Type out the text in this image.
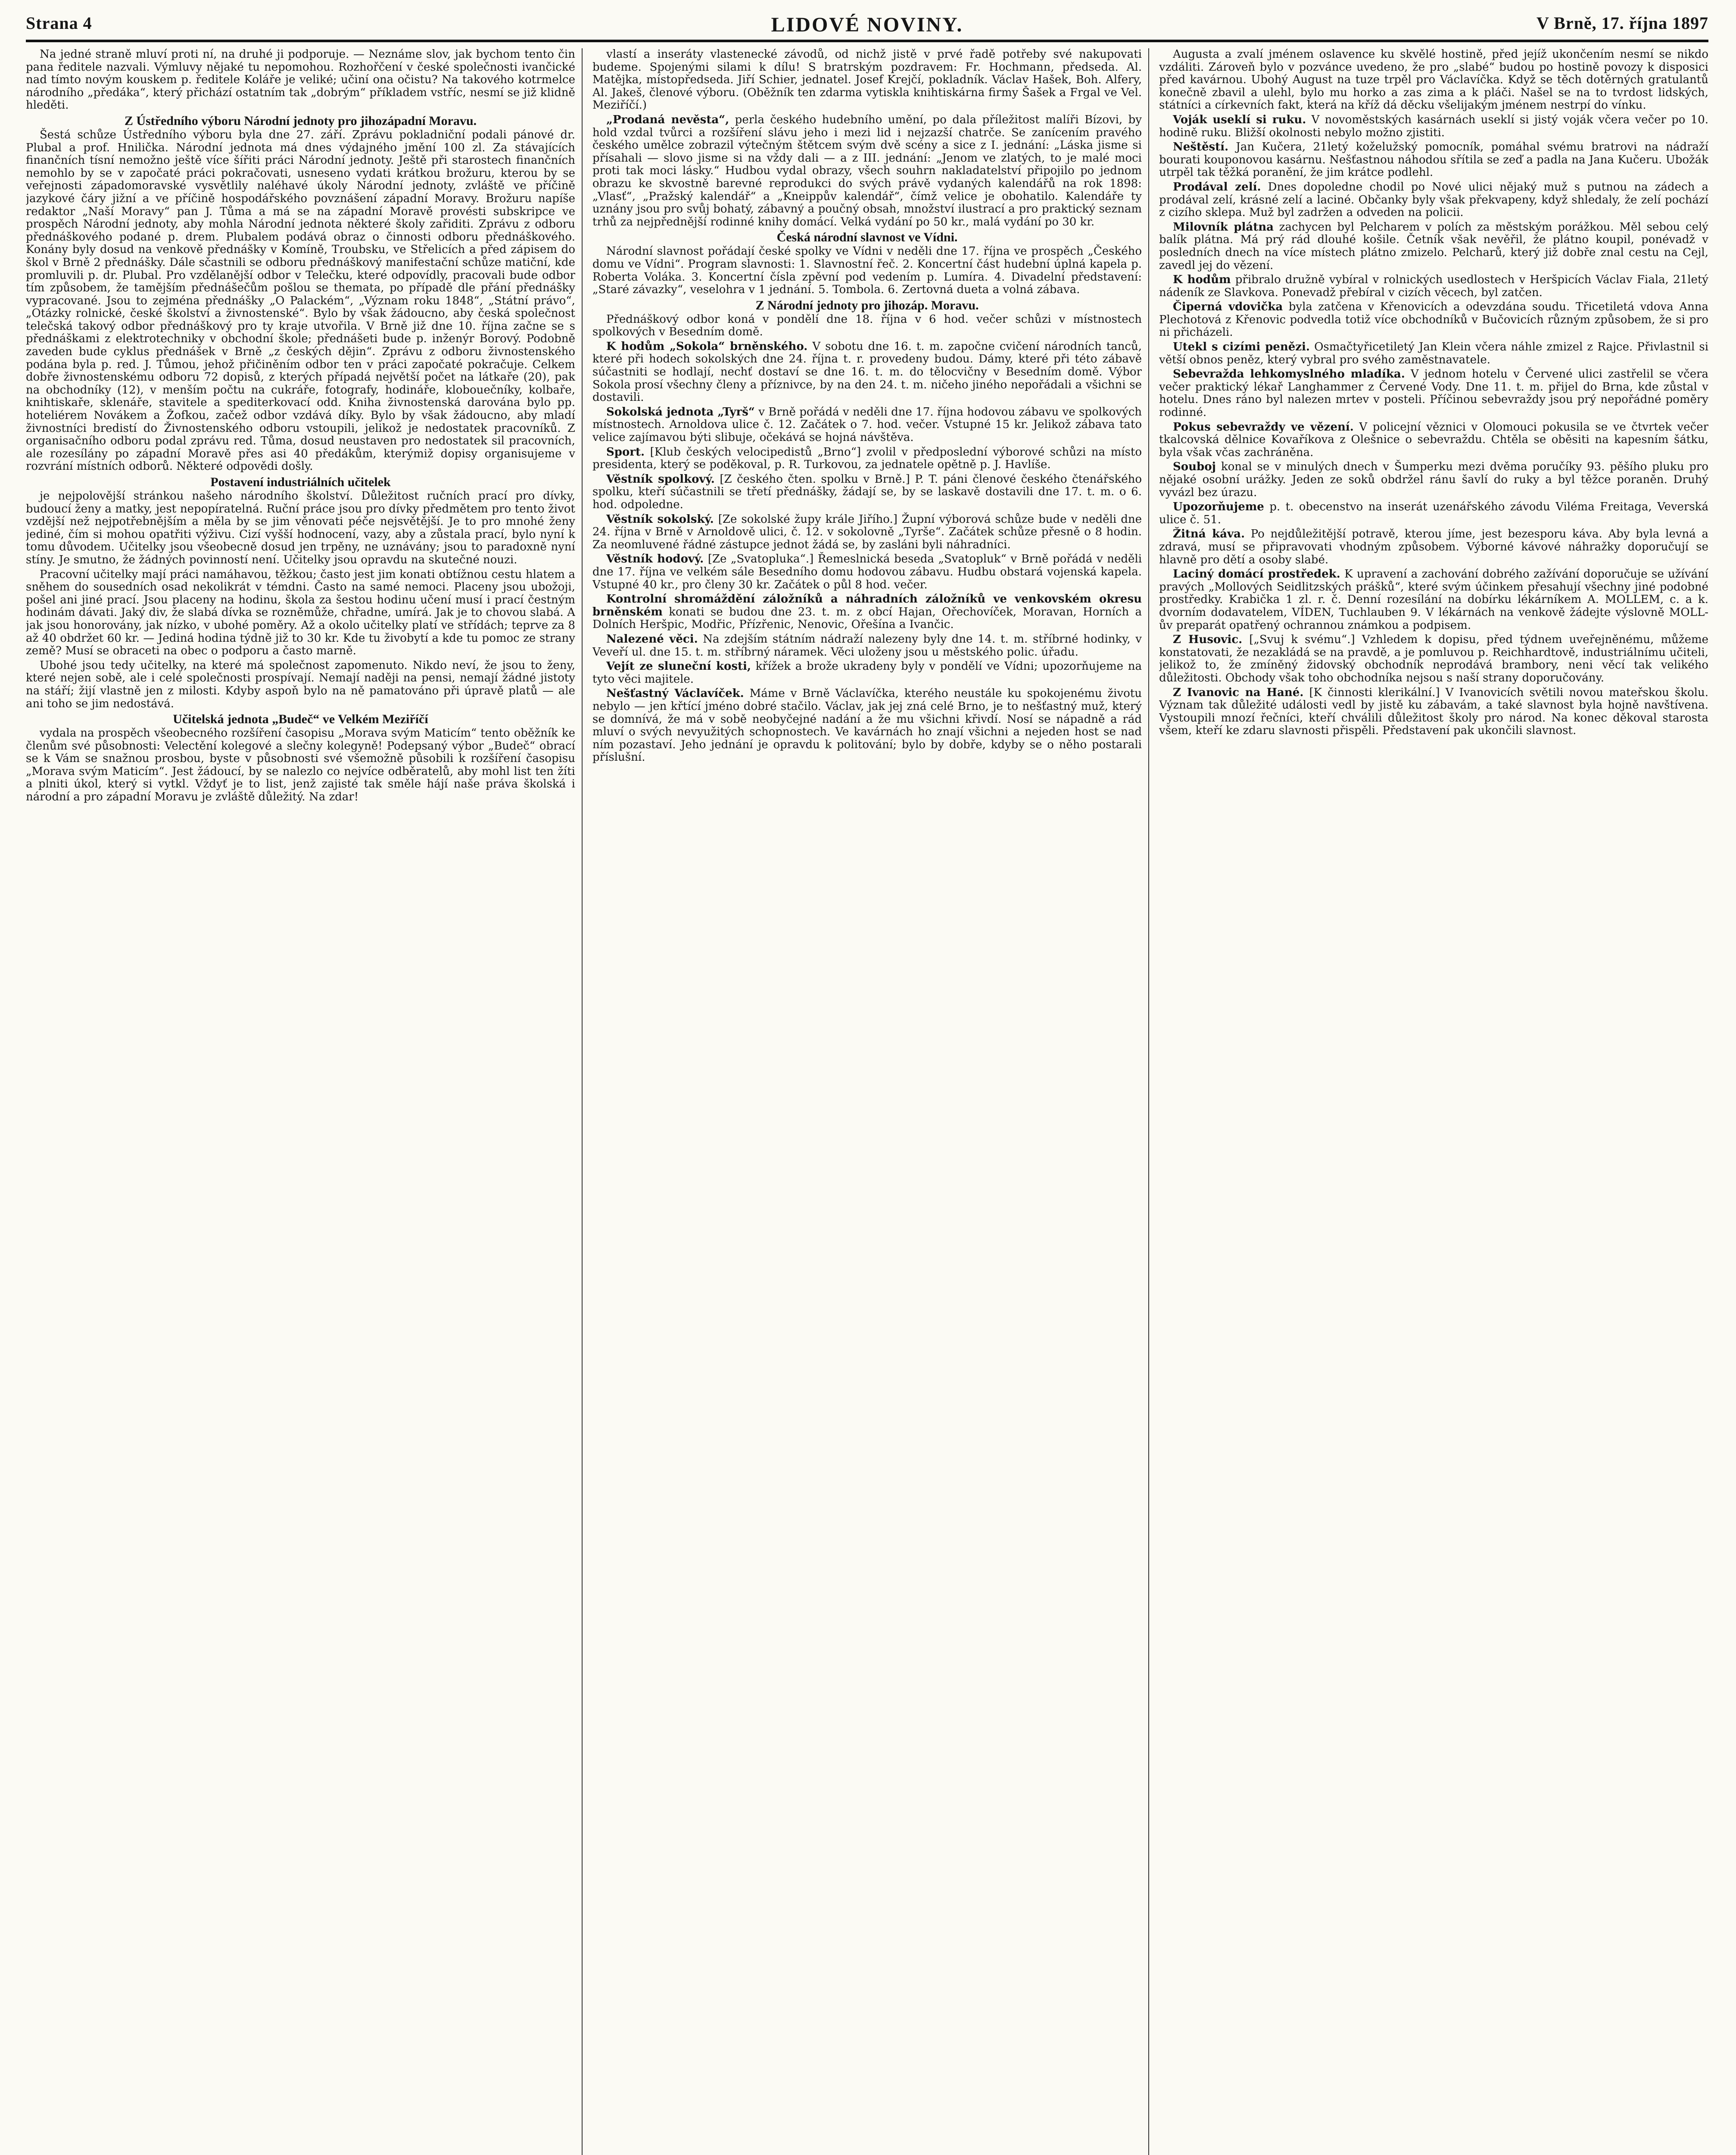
Strana 4	LIDOVÉ NOVINY.	V Brně, 17. října 1897

Na jedné straně mluví proti ní, na druhé ji podporuje. — Neznáme slov, jak bychom tento čin pana ředitele nazvali. Výmluvy nějaké tu nepomohou. Rozhořčení v české společnosti ivančické nad tímto novým kouskem p. ředitele Koláře je veliké; učiní ona očistu? Na takového kotrmelce národního „předáka“, který přichází ostatním tak „dobrým“ příkladem vstříc, nesmí se již klidně hleděti.

Z Ústředního výboru Národní jednoty pro jihozápadní Moravu.

Šestá schůze Ústředního výboru byla dne 27. září. Zprávu pokladniční podali pánové dr. Plubal a prof. Hnilička. Národní jednota má dnes výdajného jmění 100 zl. Za stávajících finančních tísní nemožno ještě více šířiti práci Národní jednoty. Ještě při starostech finančních nemohlo by se v započaté práci pokračovati, usneseno vydati krátkou brožuru, kterou by se veřejnosti západomoravské vysvětlily naléhavé úkoly Národní jednoty, zvláště ve příčině jazykové čáry jižní a ve příčině hospodářského povznášení západní Moravy. Brožuru napíše redaktor „Naší Moravy“ pan J. Tůma a má se na západní Moravě provésti subskripce ve prospěch Národní jednoty, aby mohla Národní jednota některé školy zařiditi. Zprávu z odboru přednáškového podané p. drem. Plubalem podává obraz o činnosti odboru přednáškového. Konány byly dosud na venkově přednášky v Komíně, Troubsku, ve Střelicích a před zápisem do škol v Brně 2 přednášky. Dále sčastnili se odboru přednáškový manifestační schůze matiční, kde promluvili p. dr. Plubal. Pro vzdělanější odbor v Telečku, které odpovídly, pracovali bude odbor tím způsobem, že tamějším přednášečům pošlou se themata, po případě dle přání přednášky vypracované. Jsou to zejména přednášky „O Palackém“, „Význam roku 1848“, „Státní právo“, „Otázky rolnické, české školství a živnostenské“. Bylo by však žádoucno, aby česká společnost telečská takový odbor přednáškový pro ty kraje utvořila. V Brně již dne 10. října začne se s přednáškami z elektrotechniky v obchodní škole; přednášeti bude p. inženýr Borový. Podobně zaveden bude cyklus přednášek v Brně „z českých dějin“. Zprávu z odboru živnostenského podána byla p. red. J. Tůmou, jehož přičiněním odbor ten v práci započaté pokračuje. Celkem dobře živnostenskému odboru 72 dopisů, z kterých případá největší počet na látkaře (20), pak na obchodníky (12), v menším počtu na cukráře, fotografy, hodináře, klobouečníky, kolbaře, knihtiskaře, sklenáře, stavitele a spediterkovací odd. Kniha živnostenská darována bylo pp. hoteliérem Novákem a Žofkou, začež odbor vzdává díky. Bylo by však žádoucno, aby mladí živnostníci bredistí do Živnostenského odboru vstoupili, jelikož je nedostatek pracovníků. Z organisačního odboru podal zprávu red. Tůma, dosud neustaven pro nedostatek sil pracovních, ale rozesílány po západní Moravě přes asi 40 předákům, kterýmiž dopisy organisujeme v rozvrání místních odborů. Některé odpovědi došly.

Postavení industriálních učitelek

je nejpolovější stránkou našeho národního školství. Důležitost ručních prací pro dívky, budoucí ženy a matky, jest nepopíratelná. Ruční práce jsou pro dívky předmětem pro tento život vzdější než nejpotřebnějším a měla by se jim věnovati péče nejsvětější. Je to pro mnohé ženy jediné, čím si mohou opatřiti výživu. Cizí vyšší hodnocení, vazy, aby a zůstala prací, bylo nyní k tomu důvodem. Učitelky jsou všeobecně dosud jen trpěny, ne uznávány; jsou to paradoxně nyní stíny. Je smutno, že žádných povinností není. Učitelky jsou opravdu na skutečné nouzi.

Pracovní učitelky mají práci namáhavou, těžkou; často jest jim konati obtížnou cestu hlatem a sněhem do sousedních osad nekolikrát v témdni. Často na samé nemoci. Placeny jsou ubožoji, pošel ani jiné prací. Jsou placeny na hodinu, škola za šestou hodinu učení musí i prací čestným hodinám dávati. Jaký div, že slabá dívka se rozněmůže, chřadne, umírá. Jak je to chovou slabá. A jak jsou honorovány, jak nízko, v ubohé poměry. Až a okolo učitelky platí ve střídách; teprve za 8 až 40 obdržet 60 kr. — Jediná hodina týdně již to 30 kr. Kde tu živobytí a kde tu pomoc ze strany země? Musí se obraceti na obec o podporu a často marně.

Ubohé jsou tedy učitelky, na které má společnost zapomenuto. Nikdo neví, že jsou to ženy, které nejen sobě, ale i celé společnosti prospívají. Nemají naději na pensi, nemají žádné jistoty na stáří; žijí vlastně jen z milosti. Kdyby aspoň bylo na ně pamatováno při úpravě platů — ale ani toho se jim nedostává.

Učitelská jednota „Budeč“ ve Velkém Meziříčí

vydala na prospěch všeobecného rozšíření časopisu „Morava svým Maticím“ tento oběžník ke členům své působnosti: Velectění kolegové a slečny kolegyně! Podepsaný výbor „Budeč“ obrací se k Vám se snažnou prosbou, byste v působnosti své všemožně působili k rozšíření časopisu „Morava svým Maticím“. Jest žádoucí, by se nalezlo co nejvíce odběratelů, aby mohl list ten žíti a plniti úkol, který si vytkl. Vždyť je to list, jenž zajisté tak směle hájí naše práva školská i národní a pro západní Moravu je zvláště důležitý. Na zdar!

vlastí a inseráty vlastenecké závodů, od nichž jistě v prvé řadě potřeby své nakupovati budeme. Spojenými silami k dílu! S bratrským pozdravem: Fr. Hochmann, předseda. Al. Matějka, místopředseda. Jiří Schier, jednatel. Josef Krejčí, pokladník. Václav Hašek, Boh. Alfery, Al. Jakeš, členové výboru. (Oběžník ten zdarma vytiskla knihtiskárna firmy Šašek a Frgal ve Vel. Meziříčí.)

„Prodaná nevěsta“, perla českého hudebního umění, po dala příležitost malíři Bízovi, by hold vzdal tvůrci a rozšíření slávu jeho i mezi lid i nejzazší chatrče. Se zanícením pravého českého umělce zobrazil výtečným štětcem svým dvě scény a sice z I. jednání: „Láska jisme si přísahali — slovo jisme si na vždy dali — a z III. jednání: „Jenom ve zlatých, to je malé moci proti tak moci lásky.“ Hudbou vydal obrazy, všech souhrn nakladatelství připojilo po jednom obrazu ke skvostně barevné reprodukci do svých právě vydaných kalendářů na rok 1898: „Vlasť“, „Pražský kalendář“ a „Kneippův kalendář“, čímž velice je obohatilo. Kalendáře ty uznány jsou pro svůj bohatý, zábavný a poučný obsah, množství ilustrací a pro praktický seznam trhů za nejpřednější rodinné knihy domácí. Velká vydání po 50 kr., malá vydání po 30 kr.

Česká národní slavnost ve Vídni.

Národní slavnost pořádají české spolky ve Vídni v neděli dne 17. října ve prospěch „Českého domu ve Vídni“. Program slavnosti: 1. Slavnostní řeč. 2. Koncertní část hudební úplná kapela p. Roberta Voláka. 3. Koncertní čísla zpěvní pod vedením p. Lumíra. 4. Divadelní představení: „Staré závazky“, veselohra v 1 jednání. 5. Tombola. 6. Zertovná dueta a volná zábava.

Z Národní jednoty pro jihozáp. Moravu.

Přednáškový odbor koná v pondělí dne 18. října v 6 hod. večer schůzi v místnostech spolkových v Besedním domě.

K hodům „Sokola“ brněnského. V sobotu dne 16. t. m. započne cvičení národních tanců, které při hodech sokolských dne 24. října t. r. provedeny budou. Dámy, které při této zábavě súčastniti se hodlají, nechť dostaví se dne 16. t. m. do tělocvičny v Besedním domě. Výbor Sokola prosí všechny členy a příznivce, by na den 24. t. m. ničeho jiného nepořádali a všichni se dostavili.

Sokolská jednota „Tyrš“ v Brně pořádá v neděli dne 17. října hodovou zábavu ve spolkových místnostech. Arnoldova ulice č. 12. Začátek o 7. hod. večer. Vstupné 15 kr. Jelikož zábava tato velice zajímavou býti slibuje, očekává se hojná návštěva.

Sport. [Klub českých velocipedistů „Brno“] zvolil v předposlední výborové schůzi na místo presidenta, který se poděkoval, p. R. Turkovou, za jednatele opětně p. J. Havlíše.

Věstník spolkový. [Z českého čten. spolku v Brně.] P. T. páni členové českého čtenářského spolku, kteří súčastnili se třetí přednášky, žádají se, by se laskavě dostavili dne 17. t. m. o 6. hod. odpoledne.

Věstník sokolský. [Ze sokolské župy krále Jiřího.] Župní výborová schůze bude v neděli dne 24. října v Brně v Arnoldově ulici, č. 12. v sokolovně „Tyrše“. Začátek schůze přesně o 8 hodin. Za neomluvené řádné zástupce jednot žádá se, by zasláni byli náhradníci.

Věstník hodový. [Ze „Svatopluka“.] Řemeslnická beseda „Svatopluk“ v Brně pořádá v neděli dne 17. října ve velkém sále Besedního domu hodovou zábavu. Hudbu obstará vojenská kapela. Vstupné 40 kr., pro členy 30 kr. Začátek o půl 8 hod. večer.

Kontrolní shromáždění záložníků a náhradních záložníků ve venkovském okresu brněnském konati se budou dne 23. t. m. z obcí Hajan, Ořechovíček, Moravan, Horních a Dolních Heršpic, Modřic, Přízřenic, Nenovic, Ořešína a Ivančic.

Nalezené věci. Na zdejším státním nádraží nalezeny byly dne 14. t. m. stříbrné hodinky, v Veveří ul. dne 15. t. m. stříbrný náramek. Věci uloženy jsou u městského polic. úřadu.

Vejít ze sluneční kosti, křížek a brože ukradeny byly v pondělí ve Vídni; upozorňujeme na tyto věci majitele.

Nešťastný Václavíček. Máme v Brně Václavíčka, kterého neustále ku spokojenému životu nebylo — jen křtící jméno dobré stačilo. Václav, jak jej zná celé Brno, je to nešťastný muž, který se domnívá, že má v sobě neobyčejné nadání a že mu všichni křivdí. Nosí se nápadně a rád mluví o svých nevyužitých schopnostech. Ve kavárnách ho znají všichni a nejeden host se nad ním pozastaví. Jeho jednání je opravdu k politování; bylo by dobře, kdyby se o něho postarali příslušní.

Augusta a zvalí jménem oslavence ku skvělé hostině, před jejíž ukončením nesmí se nikdo vzdáliti. Zároveň bylo v pozvánce uvedeno, že pro „slabé“ budou po hostině povozy k disposici před kavárnou. Ubohý August na tuze trpěl pro Václavíčka. Když se těch dotěrných gratulantů konečně zbavil a ulehl, bylo mu horko a zas zima a k pláči. Našel se na to tvrdost lidských, státníci a církevních fakt, která na kříž dá děcku všelijakým jménem nestrpí do vínku.

Voják useklí si ruku. V novoměstských kasárnách useklí si jistý voják včera večer po 10. hodině ruku. Bližší okolnosti nebylo možno zjistiti.

Neštěstí. Jan Kučera, 21letý koželužský pomocník, pomáhal svému bratrovi na nádraží bourati kouponovou kasárnu. Nešťastnou náhodou sřítila se zeď a padla na Jana Kučeru. Ubožák utrpěl tak těžká poranění, že jim krátce podlehl.

Prodával zelí. Dnes dopoledne chodil po Nové ulici nějaký muž s putnou na zádech a prodával zelí, krásné zelí a laciné. Občanky byly však překvapeny, když shledaly, že zelí pochází z cizího sklepa. Muž byl zadržen a odveden na policii.

Milovník plátna zachycen byl Pelcharem v polích za městským porážkou. Měl sebou celý balík plátna. Má prý rád dlouhé košile. Četník však nevěřil, že plátno koupil, ponévadž v posledních dnech na více místech plátno zmizelo. Pelcharů, který již dobře znal cestu na Cejl, zavedl jej do vězení.

K hodům přibralo družně vybíral v rolnických usedlostech v Heršpicích Václav Fiala, 21letý nádeník ze Slavkova. Ponevadž přebíral v cizích věcech, byl zatčen.

Čiperná vdovička byla zatčena v Křenovicích a odevzdána soudu. Třicetiletá vdova Anna Plechotová z Křenovic podvedla totiž více obchodníků v Bučovicích různým způsobem, že si pro ni přicházeli.

Utekl s cizími penězi. Osmačtyřicetiletý Jan Klein včera náhle zmizel z Rajce. Přivlastnil si větší obnos peněz, který vybral pro svého zaměstnavatele.

Sebevražda lehkomyslného mladíka. V jednom hotelu v Červené ulici zastřelil se včera večer praktický lékař Langhammer z Červené Vody. Dne 11. t. m. přijel do Brna, kde zůstal v hotelu. Dnes ráno byl nalezen mrtev v posteli. Příčinou sebevraždy jsou prý nepořádné poměry rodinné.

Pokus sebevraždy ve vězení. V policejní věznici v Olomouci pokusila se ve čtvrtek večer tkalcovská dělnice Kovaříkova z Olešnice o sebevraždu. Chtěla se oběsiti na kapesním šátku, byla však včas zachráněna.

Souboj konal se v minulých dnech v Šumperku mezi dvěma poručíky 93. pěšího pluku pro nějaké osobní urážky. Jeden ze soků obdržel ránu šavlí do ruky a byl těžce poraněn. Druhý vyvázl bez úrazu.

Upozorňujeme p. t. obecenstvo na inserát uzenářského závodu Viléma Freitaga, Veverská ulice č. 51.

Žitná káva. Po nejdůležitější potravě, kterou jíme, jest bezesporu káva. Aby byla levná a zdravá, musí se připravovati vhodným způsobem. Výborné kávové náhražky doporučují se hlavně pro dětí a osoby slabé.

Laciný domácí prostředek. K upravení a zachování dobrého zažívání doporučuje se užívání pravých „Mollových Seidlitzských prášků“, které svým účinkem přesahují všechny jiné podobné prostředky. Krabička 1 zl. r. č. Denní rozesílání na dobírku lékárníkem A. MOLLEM, c. a k. dvorním dodavatelem, VÍDEN, Tuchlauben 9. V lékárnách na venkově žádejte výslovně MOLL-ův preparát opatřený ochrannou známkou a podpisem.

Z Husovic. [„Svuj k svému“.] Vzhledem k dopisu, před týdnem uveřejněnému, můžeme konstatovati, že nezakládá se na pravdě, a je pomluvou p. Reichhardtově, industriálnímu učiteli, jelikož to, že zmíněný židovský obchodník neprodává brambory, neni věcí tak velikého důležitosti. Obchody však toho obchodníka nejsou s naší strany doporučovány.

Z Ivanovic na Hané. [K činnosti klerikální.] V Ivanovicích světili novou mateřskou školu. Význam tak důležité události vedl by jistě ku zábavám, a také slavnost byla hojně navštívena. Vystoupili mnozí řečníci, kteří chválili důležitost školy pro národ. Na konec děkoval starosta všem, kteří ke zdaru slavnosti přispěli. Představení pak ukončili slavnost.
